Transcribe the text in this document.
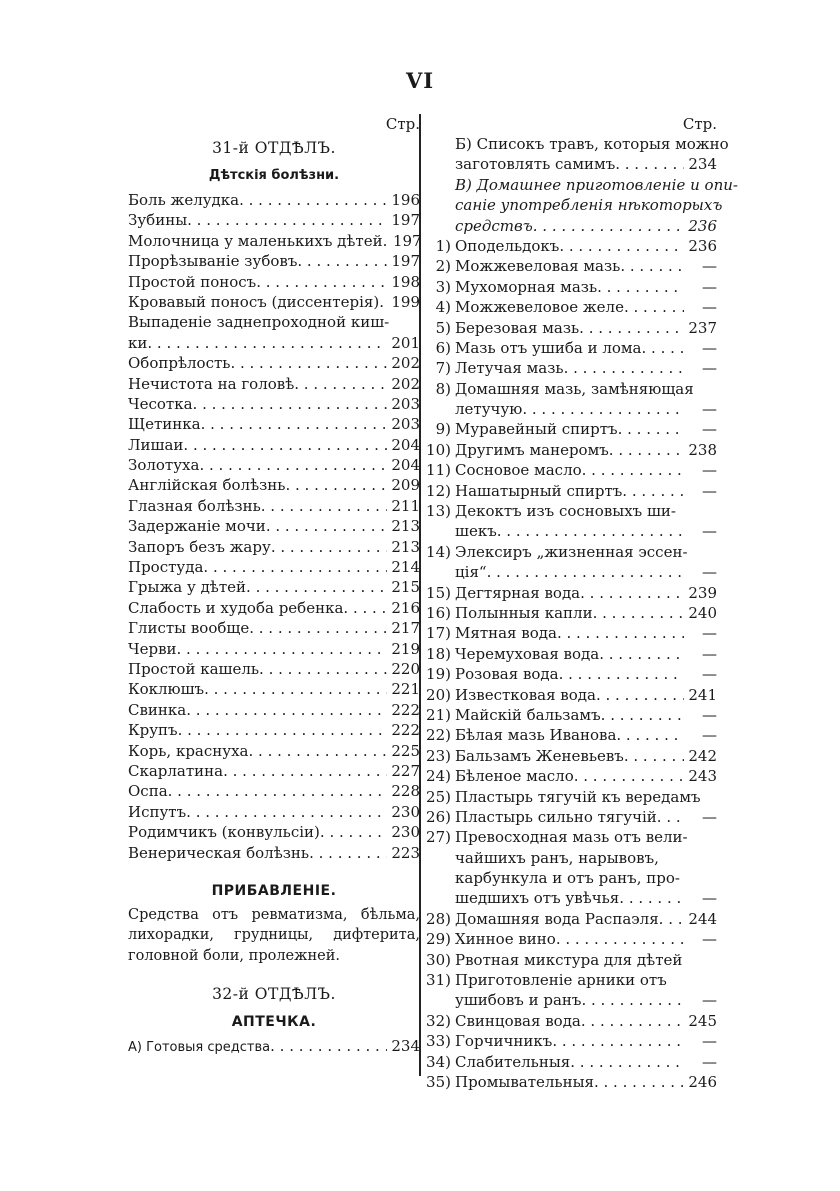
VI
Стр.
31-й ОТДѢЛЪ.
Дѣтскія болѣзни.
Боль желудка . . .	196
Зубины . . .	197
Молочница у маленькихъ дѣтей . . . 197
Прорѣзываніе зубовъ . . .	197
Простой поносъ . . .	198
Кровавый поносъ (диссентерія) . . . 199
Выпаденіе заднепроходной киш-
ки . . .	201
Обопрѣлость . . .	202
Нечистота на головѣ . . .	202
Чесотка . . .	203
Щетинка . . .	203
Лишаи . . .	204
Золотуха . . .	204
Англійская болѣзнь . . .	209
Глазная болѣзнь . . .	211
Задержаніе мочи . . .	213
Запоръ безъ жару . . .	213
Простуда . . .	214
Грыжа у дѣтей . . .	215
Слабость и худоба ребенка . . .	216
Глисты вообще . . .	217
Черви . . .	219
Простой кашель . . .	220
Коклюшъ . . .	221
Свинка . . .	222
Крупъ . . .	222
Корь, краснуха . . .	225
Скарлатина . . .	227
Оспа . . .	228
Испутъ . . .	230
Родимчикъ (конвульсіи) . . .	230
Венерическая болѣзнь . . .	223
ПРИБАВЛЕНІЕ.
Средства отъ ревматизма, бѣльма, лихорадки, грудницы, дифтерита, головной боли, пролежней.
32-й ОТДѢЛЪ.
АПТЕЧКА.
А) Готовыя средства . . .	234
Стр.
Б) Списокъ травъ, которыя можно
заготовлять самимъ . . .	234
В) Домашнее приготовленіе и опи-
саніе употребленія нѣкоторыхъ
средствъ . . .	236
1) Оподельдокъ . . .	236
2) Можжевеловая мазь . . .	—
3) Мухоморная мазь . . .	—
4) Можжевеловое желе . . .	—
5) Березовая мазь . . .	237
6) Мазь отъ ушиба и лома . . .	—
7) Летучая мазь . . .	—
8) Домашняя мазь, замѣняющая
летучую . . .	—
9) Муравейный спиртъ . . .	—
10) Другимъ манеромъ . . .	238
11) Сосновое масло . . .	—
12) Нашатырный спиртъ . . .	—
13) Декоктъ изъ сосновыхъ ши-
шекъ . . .	—
14) Элексиръ „жизненная эссен-
ція“ . . .	—
15) Дегтярная вода . . .	239
16) Полынныя капли . . .	240
17) Мятная вода . . .	—
18) Черемуховая вода . . .	—
19) Розовая вода . . .	—
20) Известковая вода . . .	241
21) Майскій бальзамъ . . .	—
22) Бѣлая мазь Иванова . . .	—
23) Бальзамъ Женевьевъ . . .	242
24) Бѣленое масло . . .	243
25) Пластырь тягучій къ вередамъ
26) Пластырь сильно тягучій . . .	—
27) Превосходная мазь отъ вели-
чайшихъ ранъ, нарывовъ,
карбункула и отъ ранъ, про-
шедшихъ отъ увѣчья . . .	—
28) Домашняя вода Распаэля . . . 244
29) Хинное вино . . .	—
30) Рвотная микстура для дѣтей
31) Приготовленіе арники отъ
ушибовъ и ранъ . . .	—
32) Свинцовая вода . . .	245
33) Горчичникъ . . .	—
34) Слабительныя . . .	—
35) Промывательныя . . .	246
